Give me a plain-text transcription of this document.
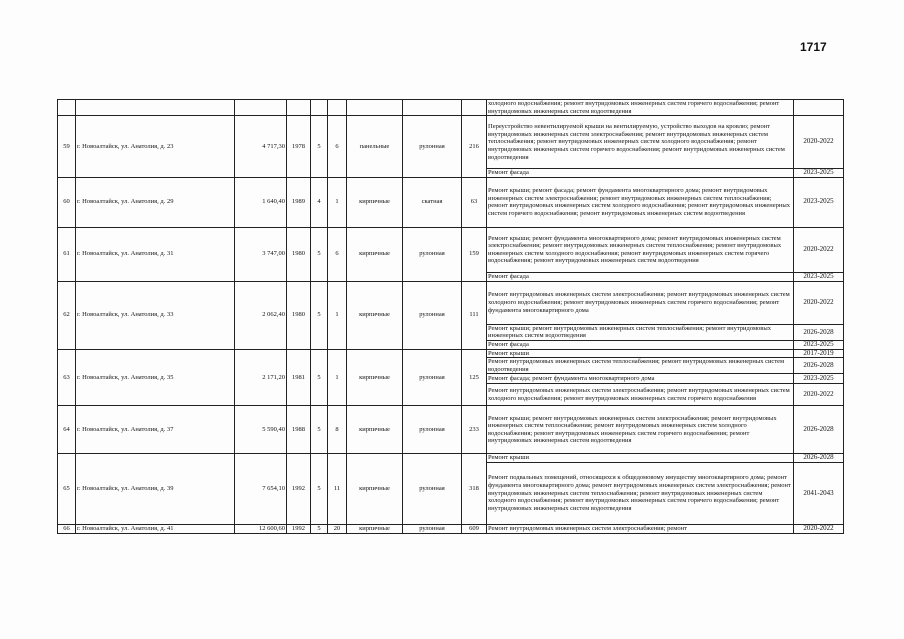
1717
									холодного водоснабжения; ремонт внутридомовых инженерных систем горячего водоснабжения; ремонт внутридомовых инженерных систем водоотведения	
59	г. Новоалтайск, ул. Анатолия, д. 23	4 717,30	1978	5	6	панельные	рулонная	216	Переустройство невентилируемой крыши на вентилируемую, устройство выходов на кровлю; ремонт внутридомовых инженерных систем электроснабжения; ремонт внутридомовых инженерных систем теплоснабжения; ремонт внутридомовых инженерных систем холодного водоснабжения; ремонт внутридомовых инженерных систем горячего водоснабжения; ремонт внутридомовых инженерных систем водоотведения	2020-2022
									Ремонт фасада	2023-2025
60	г. Новоалтайск, ул. Анатолия, д. 29	1 640,40	1989	4	1	кирпичные	скатная	63	Ремонт крыши; ремонт фасада; ремонт фундамента многоквартирного дома; ремонт внутридомовых инженерных систем электроснабжения; ремонт внутридомовых инженерных систем теплоснабжения; ремонт внутридомовых инженерных систем холодного водоснабжения; ремонт внутридомовых инженерных систем горячего водоснабжения; ремонт внутридомовых инженерных систем водоотведения	2023-2025
61	г. Новоалтайск, ул. Анатолия, д. 31	3 747,00	1980	5	6	кирпичные	рулонная	159	Ремонт крыши; ремонт фундамента многоквартирного дома; ремонт внутридомовых инженерных систем электроснабжения; ремонт внутридомовых инженерных систем теплоснабжения; ремонт внутридомовых инженерных систем холодного водоснабжения; ремонт внутридомовых инженерных систем горячего водоснабжения; ремонт внутридомовых инженерных систем водоотведения	2020-2022
									Ремонт фасада	2023-2025
62	г. Новоалтайск, ул. Анатолия, д. 33	2 062,40	1980	5	1	кирпичные	рулонная	111	Ремонт внутридомовых инженерных систем электроснабжения; ремонт внутридомовых инженерных систем холодного водоснабжения; ремонт внутридомовых инженерных систем горячего водоснабжения; ремонт фундамента многоквартирного дома	2020-2022
									Ремонт крыши; ремонт внутридомовых инженерных систем теплоснабжения; ремонт внутридомовых инженерных систем водоотведения	2026-2028
									Ремонт фасада	2023-2025
63	г. Новоалтайск, ул. Анатолия, д. 35	2 171,20	1981	5	1	кирпичные	рулонная	125	Ремонт крыши	2017-2019
									Ремонт внутридомовых инженерных систем теплоснабжения; ремонт внутридомовых инженерных систем водоотведения	2026-2028
									Ремонт фасада; ремонт фундамента многоквартирного дома	2023-2025
									Ремонт внутридомовых инженерных систем электроснабжения; ремонт внутридомовых инженерных систем холодного водоснабжения; ремонт внутридомовых инженерных систем горячего водоснабжения	2020-2022
64	г. Новоалтайск, ул. Анатолия, д. 37	5 590,40	1988	5	8	кирпичные	рулонная	233	Ремонт крыши; ремонт внутридомовых инженерных систем электроснабжения; ремонт внутридомовых инженерных систем теплоснабжения; ремонт внутридомовых инженерных систем холодного водоснабжения; ремонт внутридомовых инженерных систем горячего водоснабжения; ремонт внутридомовых инженерных систем водоотведения	2026-2028
65	г. Новоалтайск, ул. Анатолия, д. 39	7 654,10	1992	5	11	кирпичные	рулонная	318	Ремонт крыши	2026-2028
									Ремонт подвальных помещений, относящихся к общедомовому имуществу многоквартирного дома; ремонт фундамента многоквартирного дома; ремонт внутридомовых инженерных систем электроснабжения; ремонт внутридомовых инженерных систем теплоснабжения; ремонт внутридомовых инженерных систем холодного водоснабжения; ремонт внутридомовых инженерных систем горячего водоснабжения; ремонт внутридомовых инженерных систем водоотведения	2041-2043
66	г. Новоалтайск, ул. Анатолия, д. 41	12 600,60	1992	5	20	кирпичные	рулонная	609	Ремонт внутридомовых инженерных систем электроснабжения; ремонт	2020-2022
